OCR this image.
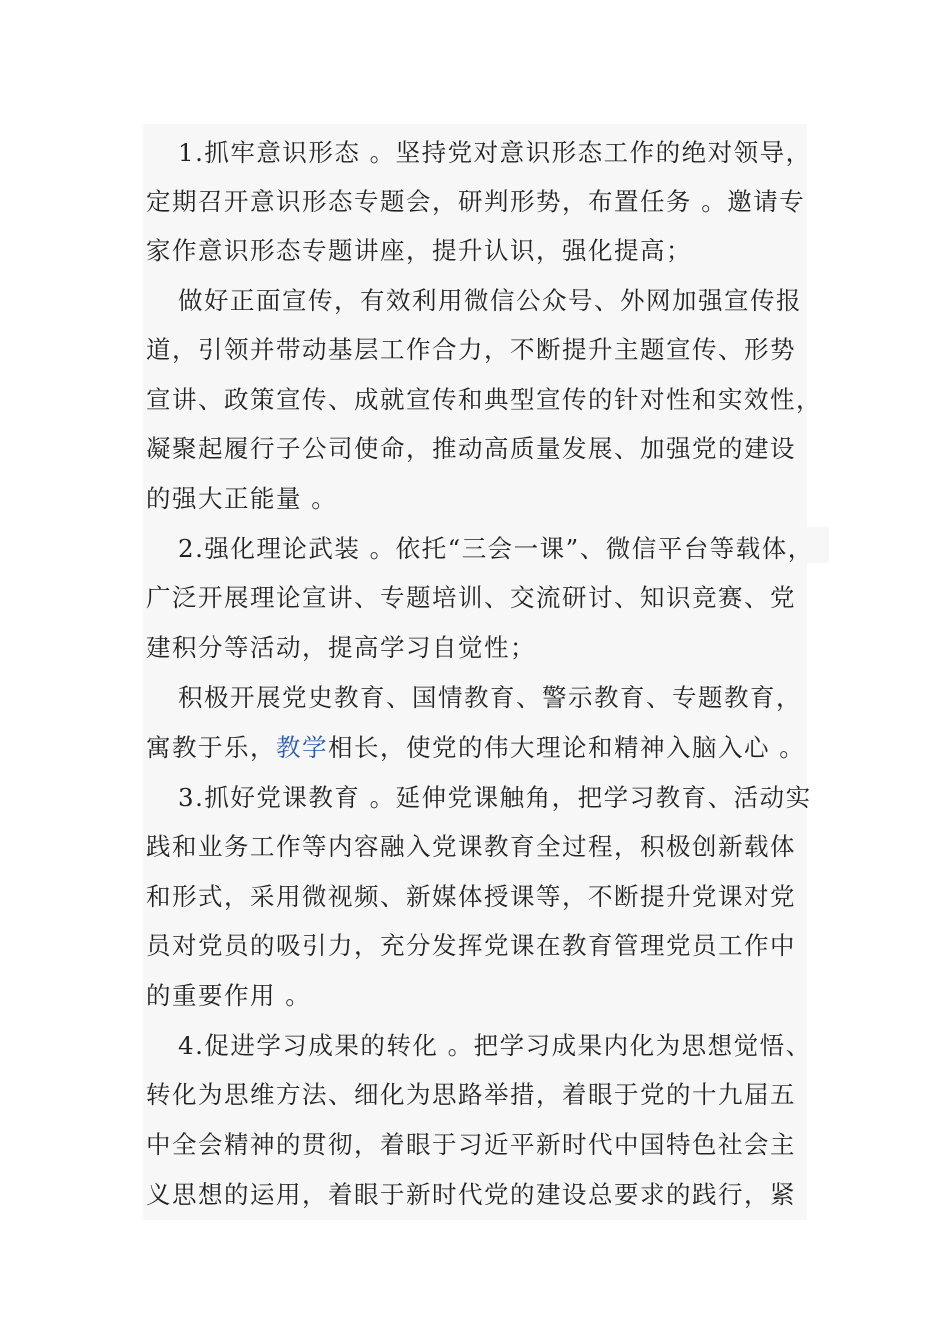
1.抓牢意识形态 。坚持党对意识形态工作的绝对领导，
定期召开意识形态专题会，研判形势，布置任务 。邀请专
家作意识形态专题讲座，提升认识，强化提高；
做好正面宣传，有效利用微信公众号、外网加强宣传报
道，引领并带动基层工作合力，不断提升主题宣传、形势
宣讲、政策宣传、成就宣传和典型宣传的针对性和实效性，
凝聚起履行子公司使命，推动高质量发展、加强党的建设
的强大正能量 。
2.强化理论武装 。依托“三会一课”、微信平台等载体，
广泛开展理论宣讲、专题培训、交流研讨、知识竞赛、党
建积分等活动，提高学习自觉性；
积极开展党史教育、国情教育、警示教育、专题教育，
寓教于乐，教学相长，使党的伟大理论和精神入脑入心 。
3.抓好党课教育 。延伸党课触角，把学习教育、活动实
践和业务工作等内容融入党课教育全过程，积极创新载体
和形式，采用微视频、新媒体授课等，不断提升党课对党
员对党员的吸引力，充分发挥党课在教育管理党员工作中
的重要作用 。
4.促进学习成果的转化 。把学习成果内化为思想觉悟、
转化为思维方法、细化为思路举措，着眼于党的十九届五
中全会精神的贯彻，着眼于习近平新时代中国特色社会主
义思想的运用，着眼于新时代党的建设总要求的践行，紧
